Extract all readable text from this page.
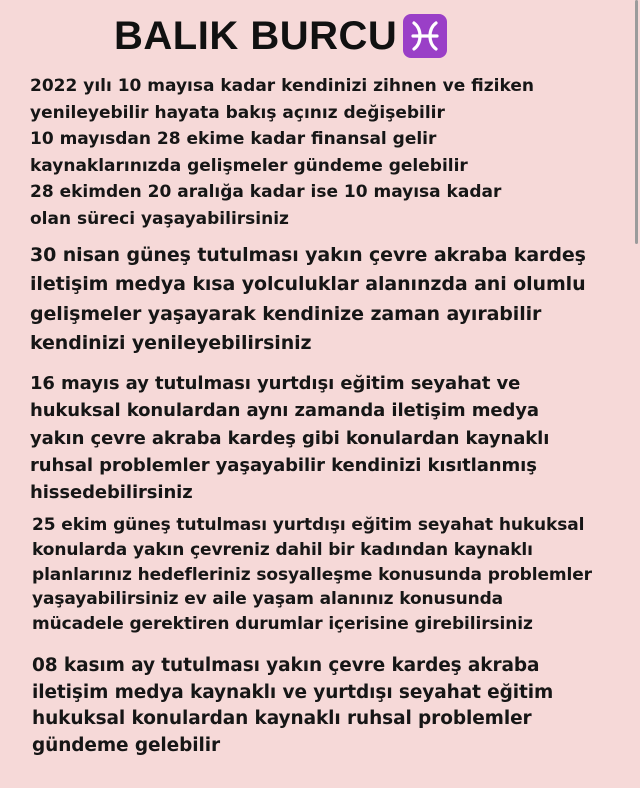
BALIK BURCU
2022 yılı 10 mayısa kadar kendinizi zihnen ve fiziken
yenileyebilir hayata bakış açınız değişebilir
10 mayısdan 28 ekime kadar finansal gelir
kaynaklarınızda gelişmeler gündeme gelebilir
28 ekimden 20 aralığa kadar ise 10 mayısa kadar
olan süreci yaşayabilirsiniz
30 nisan güneş tutulması yakın çevre akraba kardeş
iletişim medya kısa yolculuklar alanınzda ani olumlu
gelişmeler yaşayarak kendinize zaman ayırabilir
kendinizi yenileyebilirsiniz
16 mayıs ay tutulması yurtdışı eğitim seyahat ve
hukuksal konulardan aynı zamanda iletişim medya
yakın çevre akraba kardeş gibi konulardan kaynaklı
ruhsal problemler yaşayabilir kendinizi kısıtlanmış
hissedebilirsiniz
25 ekim güneş tutulması yurtdışı eğitim seyahat hukuksal
konularda yakın çevreniz dahil bir kadından kaynaklı
planlarınız hedefleriniz sosyalleşme konusunda problemler
yaşayabilirsiniz ev aile yaşam alanınız konusunda
mücadele gerektiren durumlar içerisine girebilirsiniz
08 kasım ay tutulması yakın çevre kardeş akraba
iletişim medya kaynaklı ve yurtdışı seyahat eğitim
hukuksal konulardan kaynaklı ruhsal problemler
gündeme gelebilir
